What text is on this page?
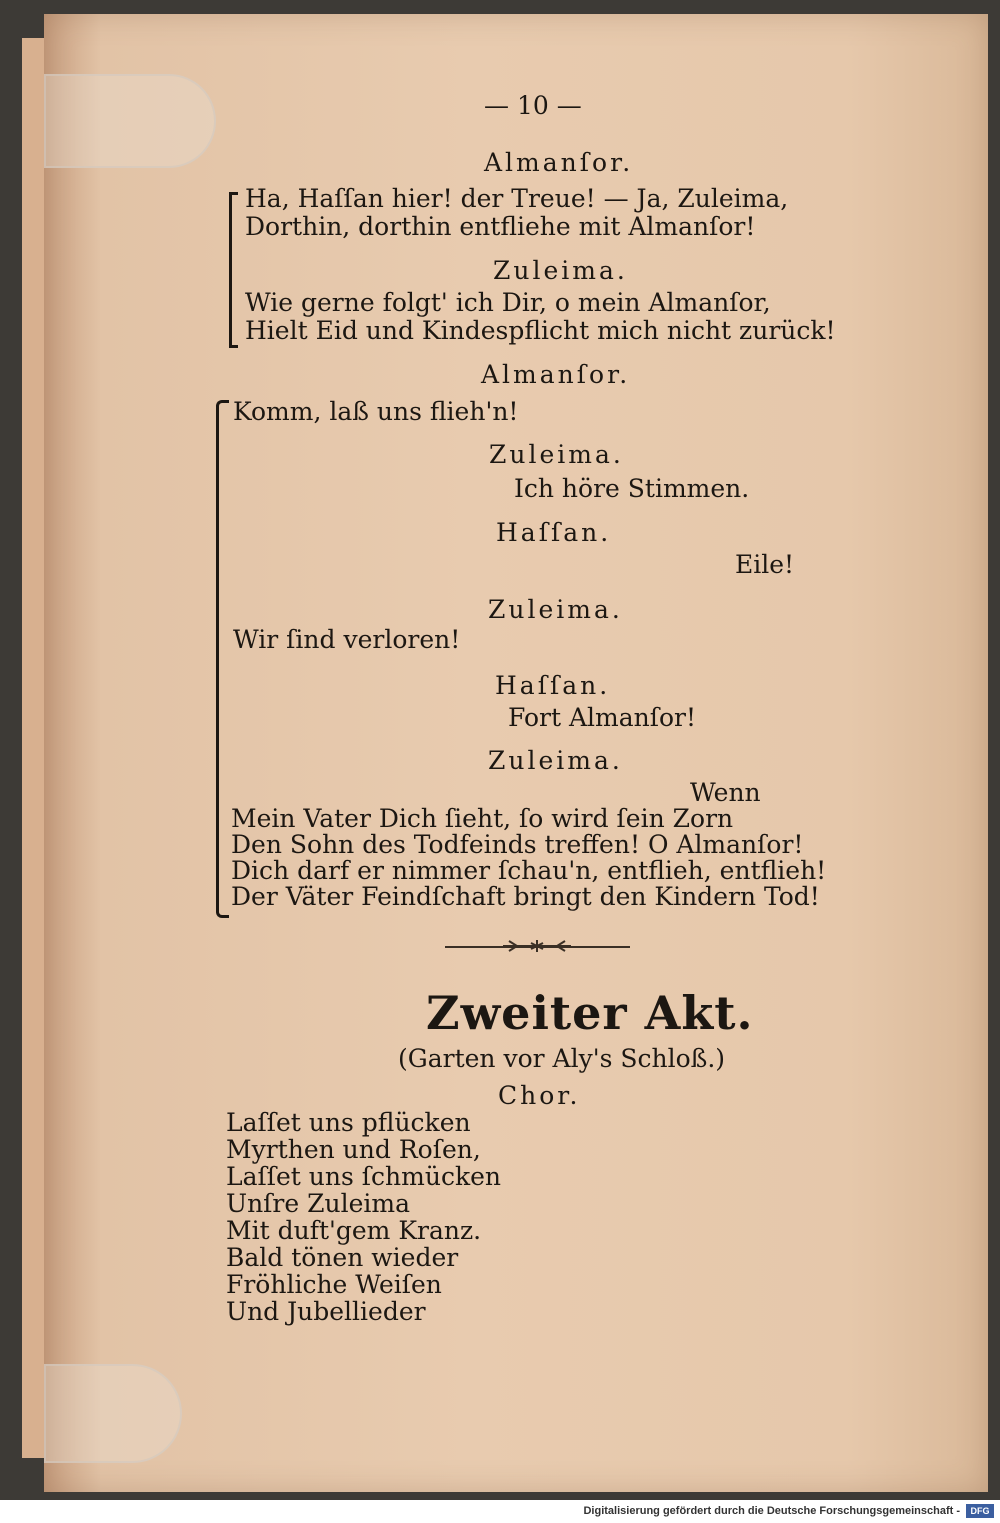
— 10 —
Almanſor.
Ha, Haſſan hier! der Treue! — Ja, Zuleima,
Dorthin, dorthin entfliehe mit Almanſor!
Zuleima.
Wie gerne folgt' ich Dir, o mein Almanſor,
Hielt Eid und Kindespflicht mich nicht zurück!
Almanſor.
Komm, laß uns flieh'n!
Zuleima.
Ich höre Stimmen.
Haſſan.
Eile!
Zuleima.
Wir ſind verloren!
Haſſan.
Fort Almanſor!
Zuleima.
Wenn
Mein Vater Dich ſieht, ſo wird ſein Zorn
Den Sohn des Todfeinds treffen! O Almanſor!
Dich darf er nimmer ſchau'n, entflieh, entflieh!
Der Väter Feindſchaft bringt den Kindern Tod!
Zweiter Akt.
(Garten vor Aly's Schloß.)
Chor.
Laſſet uns pflücken
Myrthen und Roſen,
Laſſet uns ſchmücken
Unſre Zuleima
Mit duft'gem Kranz.
Bald tönen wieder
Fröhliche Weiſen
Und Jubellieder
Digitalisierung gefördert durch die Deutsche Forschungsgemeinschaft -	DFG
